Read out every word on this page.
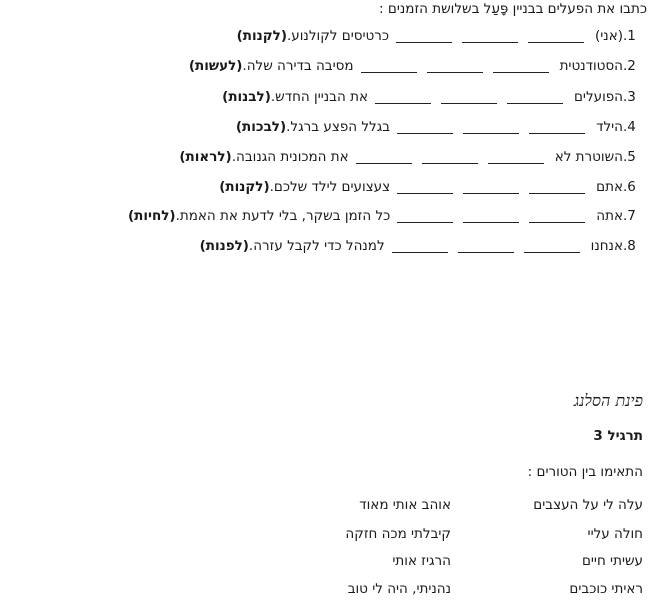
כתבו את הפעלים בבניין פָּעַל בשלושת הזמנים :
.1
(אני)
כרטיסים לקולנוע.
(לקנות)
.2
הסטודנטית
מסיבה בדירה שלה.
(לעשות)
.3
הפועלים
את הבניין החדש.
(לבנות)
.4
הילד
בגלל הפצע ברגל.
(לבכות)
.5
השוטרת לא
את המכונית הגנובה.
(לראות)
.6
אתם
צעצועים לילד שלכם.
(לקנות)
.7
אתה
כל הזמן בשקר, בלי לדעת את האמת.
(לחיות)
.8
אנחנו
למנהל כדי לקבל עזרה.
(לפנות)
פינת הסלנג
תרגיל 3
התאימו בין הטורים :
עלה לי על העצבים
חולה עליי
עשיתי חיים
ראיתי כוכבים
אוהב אותי מאוד
קיבלתי מכה חזקה
הרגיז אותי
נהניתי, היה לי טוב
